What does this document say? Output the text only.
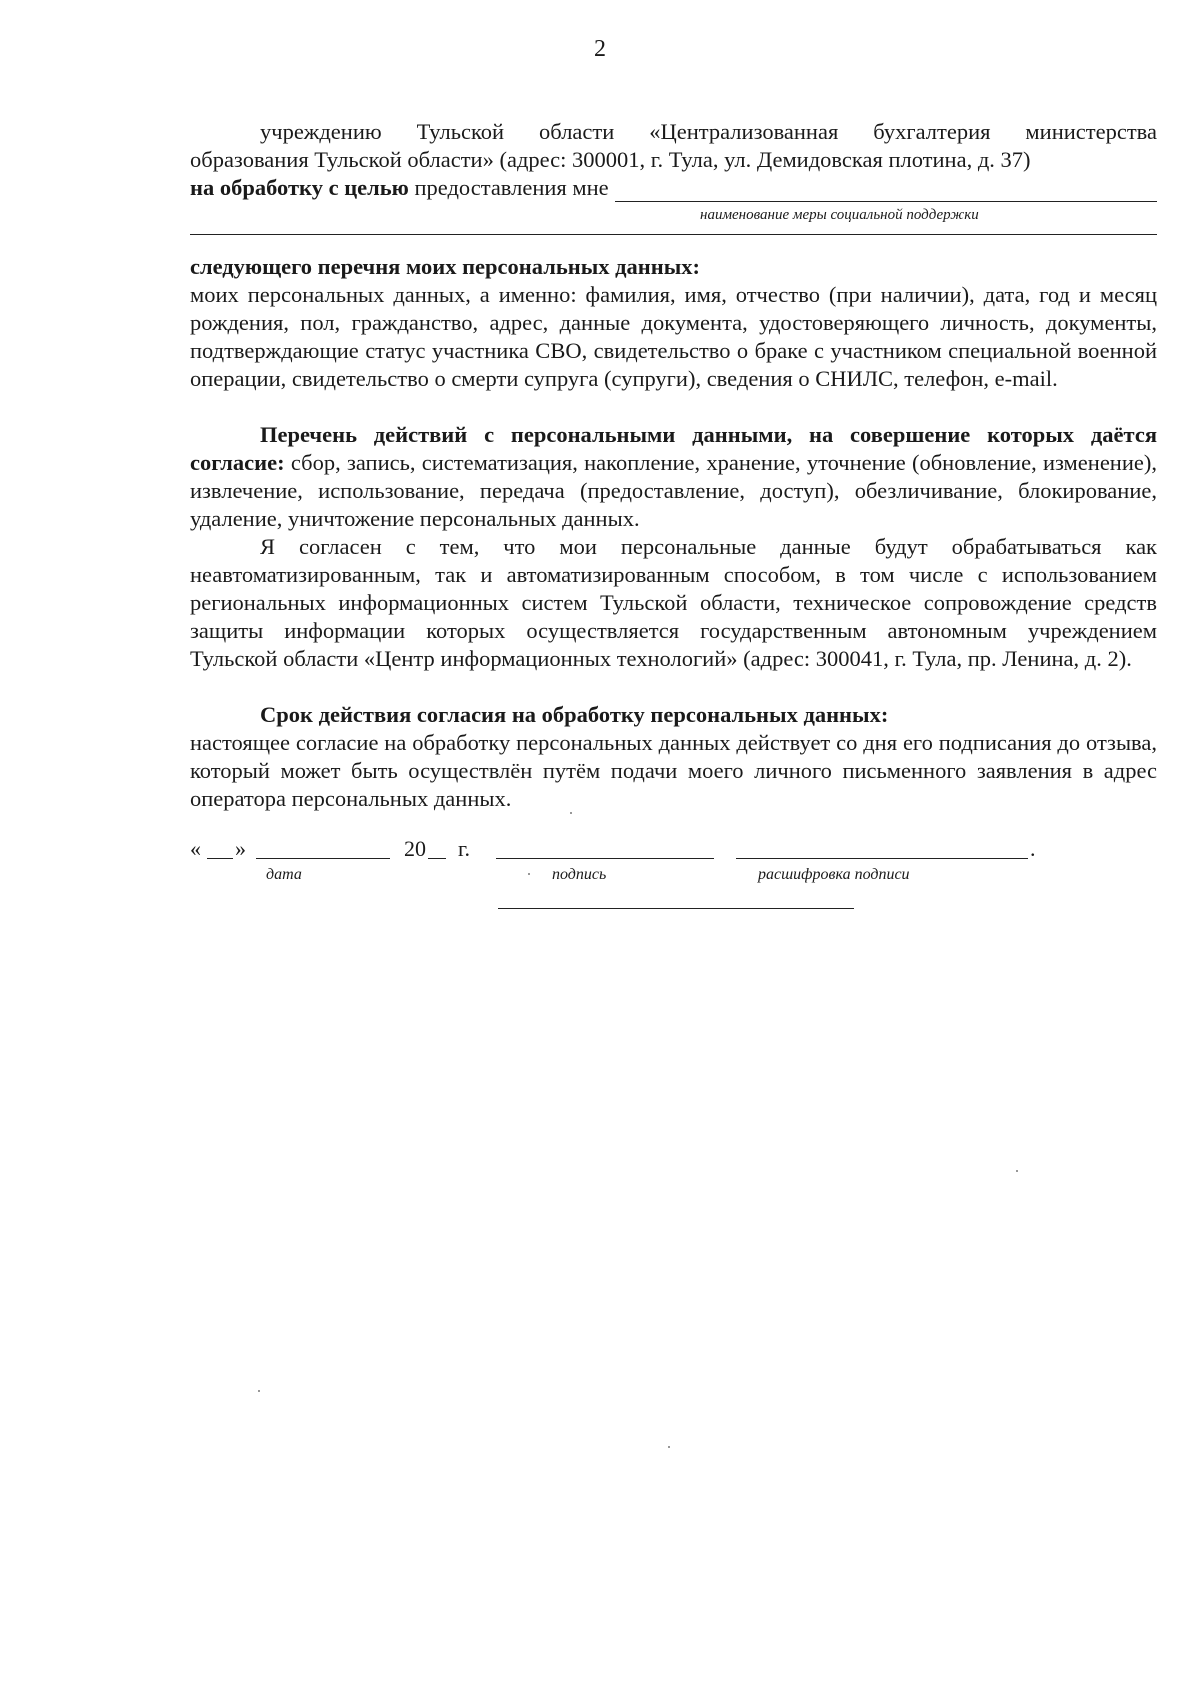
2

учреждению Тульской области «Централизованная бухгалтерия министерства

образования Тульской области» (адрес: 300001, г. Тула, ул. Демидовская плотина, д. 37)

на обработку с целью предоставления мне
наименование меры социальной поддержки

следующего перечня моих персональных данных:

моих персональных данных, а именно: фамилия, имя, отчество (при наличии), дата, год и месяц рождения, пол, гражданство, адрес, данные документа, удостоверяющего личность, документы, подтверждающие статус участника СВО, свидетельство о браке с участником специальной военной операции, свидетельство о смерти супруга (супруги), сведения о СНИЛС, телефон, e-mail.

Перечень действий с персональными данными, на совершение которых даётся согласие: сбор, запись, систематизация, накопление, хранение, уточнение (обновление, изменение), извлечение, использование, передача (предоставление, доступ), обезличивание, блокирование, удаление, уничтожение персональных данных.

Я согласен с тем, что мои персональные данные будут обрабатываться как неавтоматизированным, так и автоматизированным способом, в том числе с использованием региональных информационных систем Тульской области, техническое сопровождение средств защиты информации которых осуществляется государственным автономным учреждением Тульской области «Центр информационных технологий» (адрес: 300041, г. Тула, пр. Ленина, д. 2).

Срок действия согласия на обработку персональных данных:

настоящее согласие на обработку персональных данных действует со дня его подписания до отзыва, который может быть осуществлён путём подачи моего личного письменного заявления в адрес оператора персональных данных.

« »	20 г.	.
дата	подпись	расшифровка подписи
